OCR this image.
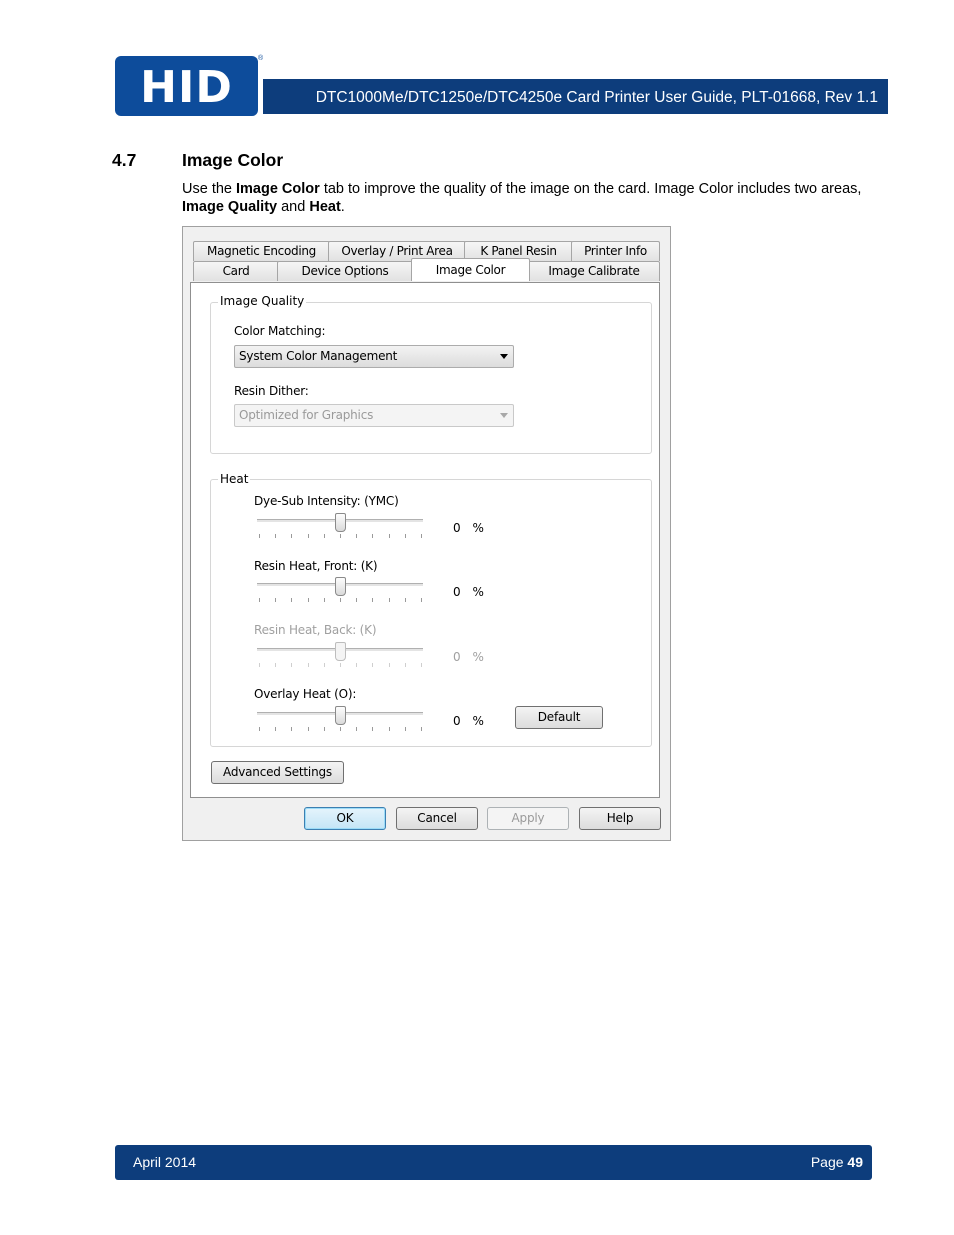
HID
®
DTC1000Me/DTC1250e/DTC4250e Card Printer User Guide, PLT-01668, Rev 1.1
4.7	Image Color
Use the Image Color tab to improve the quality of the image on the card. Image Color includes two areas, Image Quality and Heat.
Magnetic Encoding	Overlay / Print Area	K Panel Resin	Printer Info
Card	Device Options	Image Color	Image Calibrate
Image Quality
Color Matching:
System Color Management
Resin Dither:
Optimized for Graphics
Heat
Dye-Sub Intensity: (YMC)
0 %
Resin Heat, Front: (K)
0 %
Resin Heat, Back: (K)
0 %
Overlay Heat (O):
0 %	Default
Advanced Settings
OK	Cancel	Apply	Help
April 2014	Page 49
